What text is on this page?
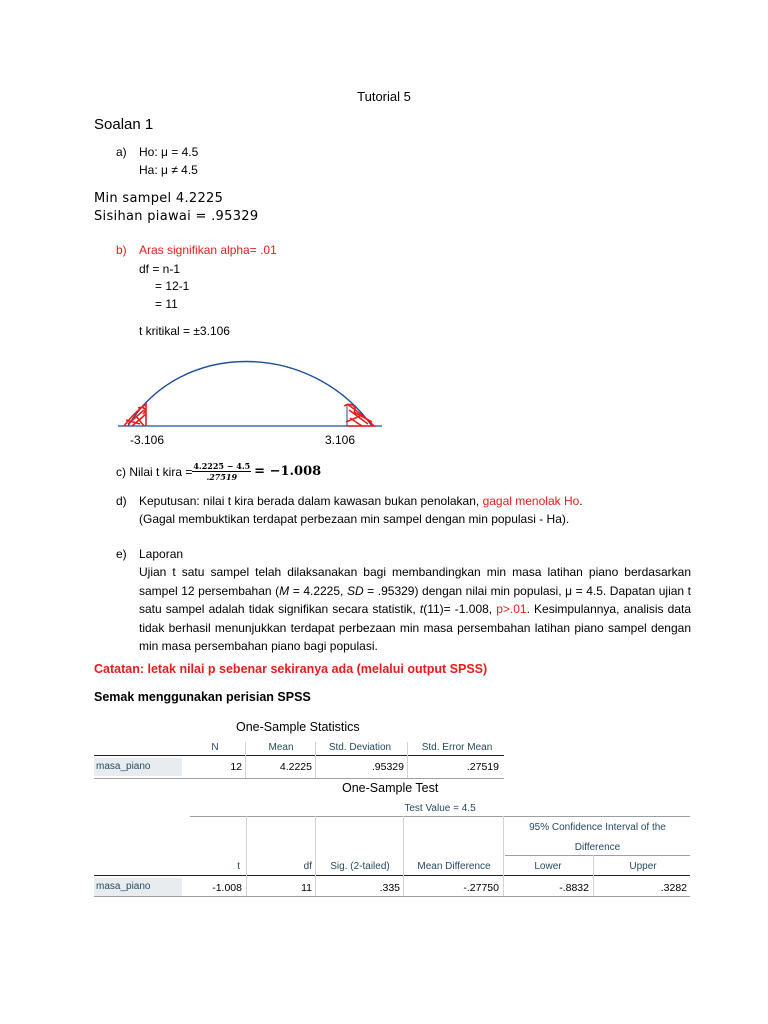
Tutorial 5
Soalan 1
a) Ho: μ = 4.5
Ha: μ ≠ 4.5
Min sampel 4.2225
Sisihan piawai = .95329
b) Aras signifikan alpha= .01
df = n-1
= 12-1
= 11
t kritikal = ±3.106
-3.106	3.106
c) Nilai t kira = $\frac{4.2225 - 4.5}{.27519} = -1.008$
d) Keputusan: nilai t kira berada dalam kawasan bukan penolakan, gagal menolak Ho.
(Gagal membuktikan terdapat perbezaan min sampel dengan min populasi - Ha).
e) Laporan
Ujian t satu sampel telah dilaksanakan bagi membandingkan min masa latihan piano berdasarkan sampel 12 persembahan (M = 4.2225, SD = .95329) dengan nilai min populasi, μ = 4.5. Dapatan ujian t satu sampel adalah tidak signifikan secara statistik, t(11)= -1.008, p>.01. Kesimpulannya, analisis data tidak berhasil menunjukkan terdapat perbezaan min masa persembahan latihan piano sampel dengan min masa persembahan piano bagi populasi.
Catatan: letak nilai p sebenar sekiranya ada (melalui output SPSS)
Semak menggunakan perisian SPSS
One-Sample Statistics
N	Mean	Std. Deviation	Std. Error Mean
masa_piano	12	4.2225	.95329	.27519
One-Sample Test
Test Value = 4.5
95% Confidence Interval of the
Difference
t	df	Sig. (2-tailed)	Mean Difference	Lower	Upper
masa_piano	-1.008	11	.335	-.27750	-.8832	.3282
